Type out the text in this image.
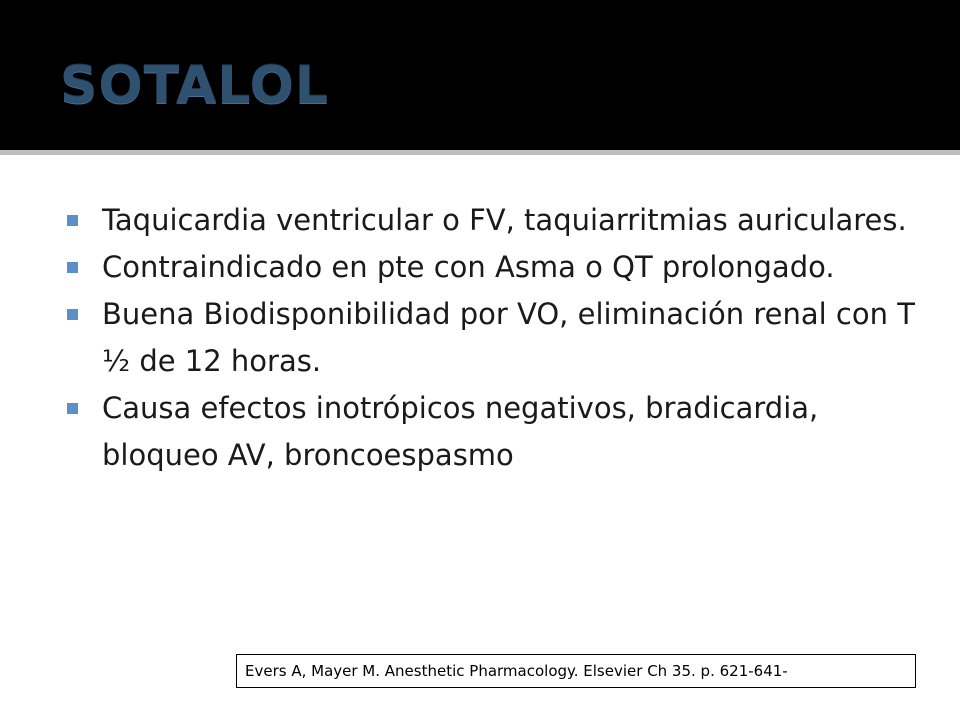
SOTALOL
Taquicardia ventricular o FV, taquiarritmias auriculares.
Contraindicado en pte con Asma o QT prolongado.
Buena Biodisponibilidad por VO, eliminación renal con T ½ de 12 horas.
Causa efectos inotrópicos negativos, bradicardia, bloqueo AV, broncoespasmo
Evers A, Mayer M. Anesthetic Pharmacology. Elsevier Ch 35. p. 621-641-
